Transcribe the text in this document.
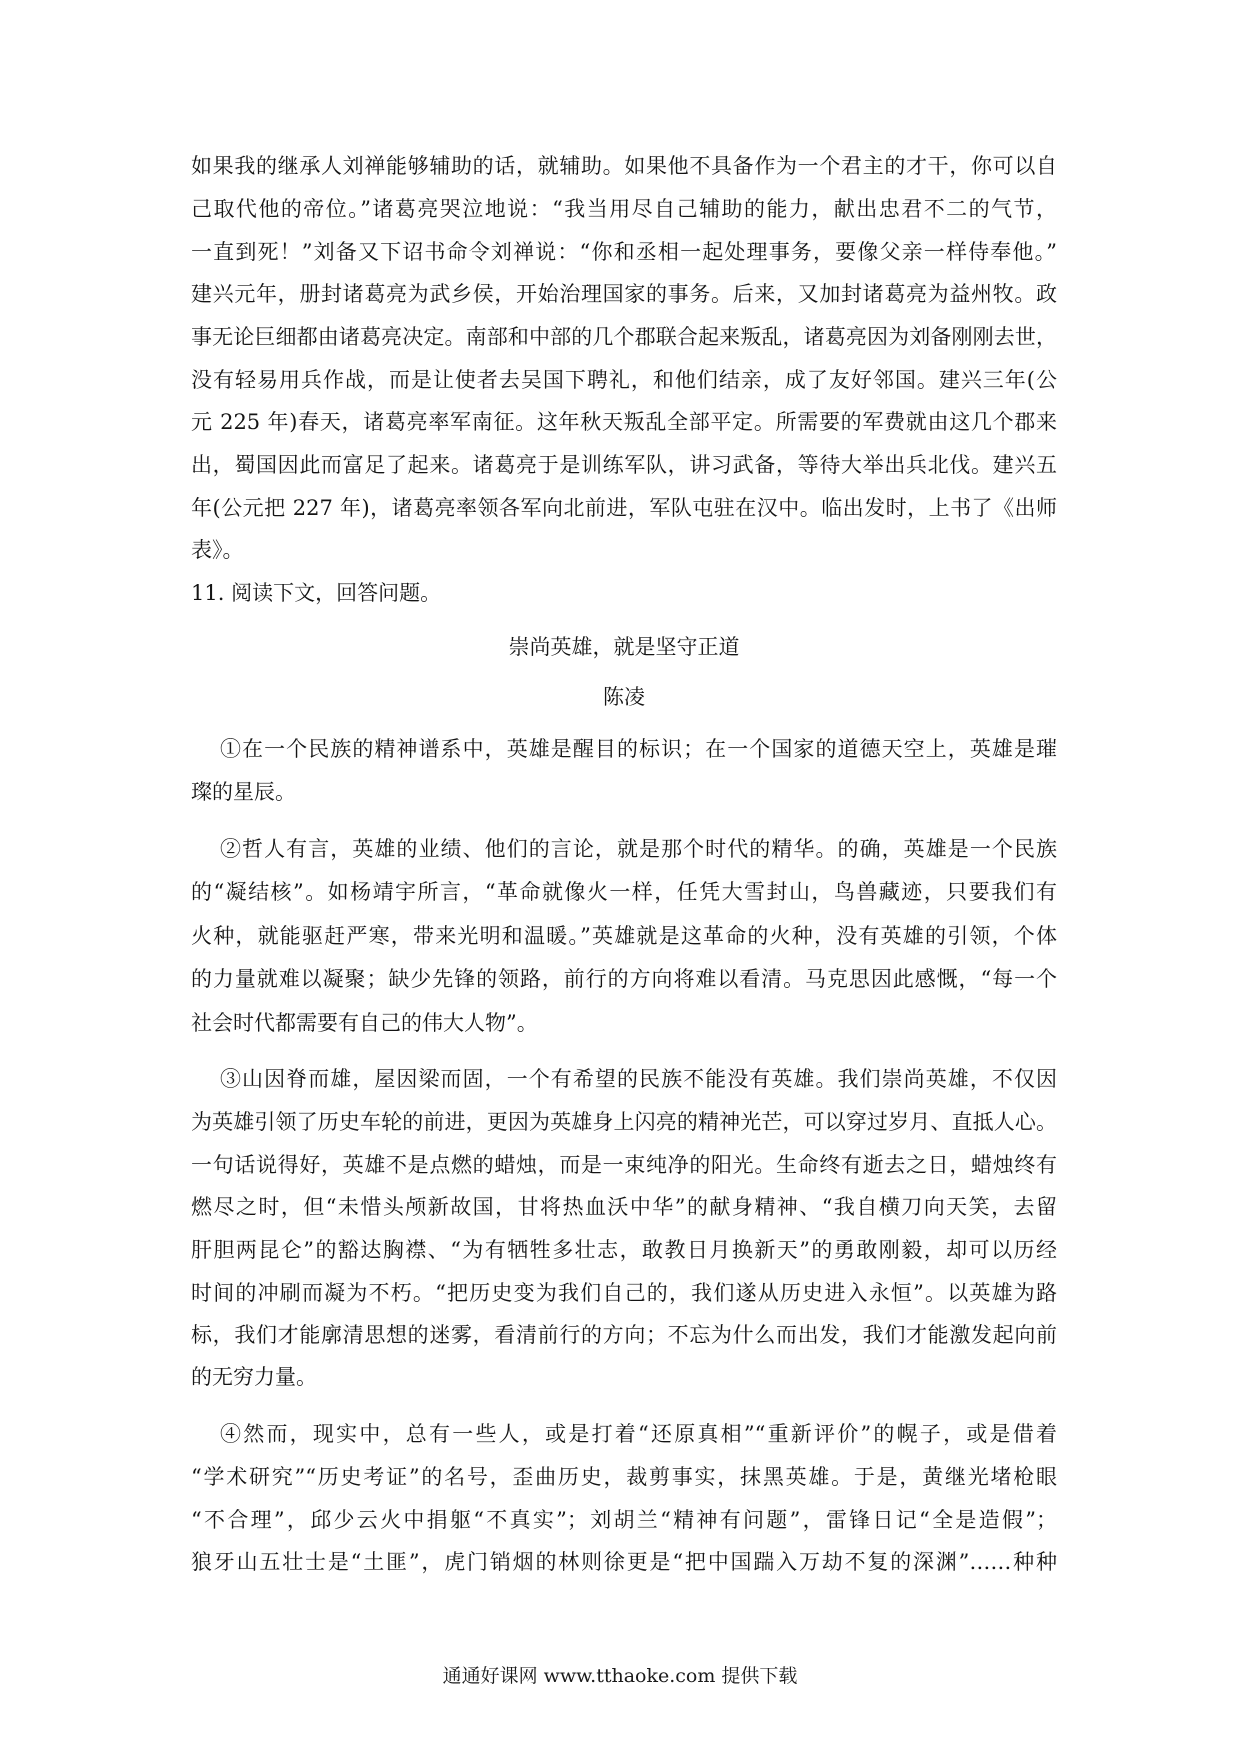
如果我的继承人刘禅能够辅助的话，就辅助。如果他不具备作为一个君主的才干，你可以自
己取代他的帝位。”诸葛亮哭泣地说：“我当用尽自己辅助的能力，献出忠君不二的气节，
一直到死！”刘备又下诏书命令刘禅说：“你和丞相一起处理事务，要像父亲一样侍奉他。”
建兴元年，册封诸葛亮为武乡侯，开始治理国家的事务。后来，又加封诸葛亮为益州牧。政
事无论巨细都由诸葛亮决定。南部和中部的几个郡联合起来叛乱，诸葛亮因为刘备刚刚去世，
没有轻易用兵作战，而是让使者去吴国下聘礼，和他们结亲，成了友好邻国。建兴三年(公
元 225 年)春天，诸葛亮率军南征。这年秋天叛乱全部平定。所需要的军费就由这几个郡来
出，蜀国因此而富足了起来。诸葛亮于是训练军队，讲习武备，等待大举出兵北伐。建兴五
年(公元把 227 年)，诸葛亮率领各军向北前进，军队屯驻在汉中。临出发时，上书了《出师
表》。
11. 阅读下文，回答问题。
崇尚英雄，就是坚守正道
陈凌
①在一个民族的精神谱系中，英雄是醒目的标识；在一个国家的道德天空上，英雄是璀
璨的星辰。
②哲人有言，英雄的业绩、他们的言论，就是那个时代的精华。的确，英雄是一个民族
的“凝结核”。如杨靖宇所言，“革命就像火一样，任凭大雪封山，鸟兽藏迹，只要我们有
火种，就能驱赶严寒，带来光明和温暖。”英雄就是这革命的火种，没有英雄的引领，个体
的力量就难以凝聚；缺少先锋的领路，前行的方向将难以看清。马克思因此感慨，“每一个
社会时代都需要有自己的伟大人物”。
③山因脊而雄，屋因梁而固，一个有希望的民族不能没有英雄。我们崇尚英雄，不仅因
为英雄引领了历史车轮的前进，更因为英雄身上闪亮的精神光芒，可以穿过岁月、直抵人心。
一句话说得好，英雄不是点燃的蜡烛，而是一束纯净的阳光。生命终有逝去之日，蜡烛终有
燃尽之时，但“未惜头颅新故国，甘将热血沃中华”的献身精神、“我自横刀向天笑，去留
肝胆两昆仑”的豁达胸襟、“为有牺牲多壮志，敢教日月换新天”的勇敢刚毅，却可以历经
时间的冲刷而凝为不朽。“把历史变为我们自己的，我们遂从历史进入永恒”。以英雄为路
标，我们才能廓清思想的迷雾，看清前行的方向；不忘为什么而出发，我们才能激发起向前
的无穷力量。
④然而，现实中，总有一些人，或是打着“还原真相”“重新评价”的幌子，或是借着
“学术研究”“历史考证”的名号，歪曲历史，裁剪事实，抹黑英雄。于是，黄继光堵枪眼
“不合理”，邱少云火中捐躯“不真实”；刘胡兰“精神有问题”，雷锋日记“全是造假”；
狼牙山五壮士是“土匪”，虎门销烟的林则徐更是“把中国踹入万劫不复的深渊”……种种
通通好课网 www.tthaoke.com 提供下载
